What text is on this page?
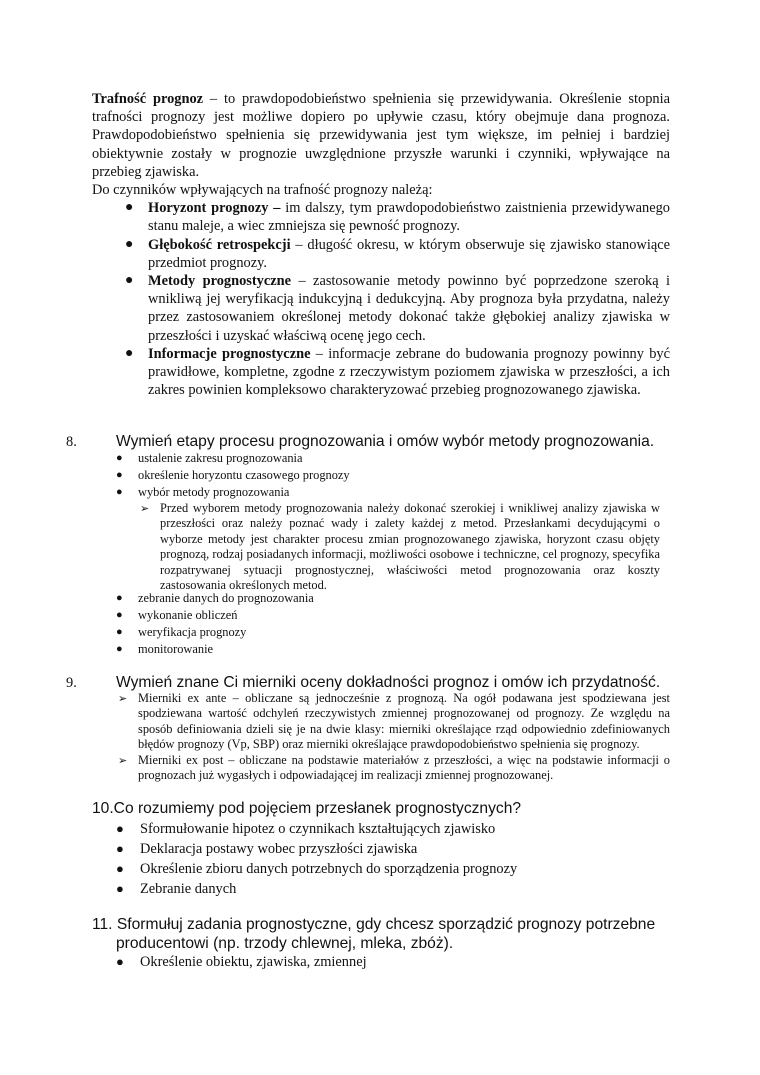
Trafność prognoz – to prawdopodobieństwo spełnienia się przewidywania. Określenie stopnia trafności prognozy jest możliwe dopiero po upływie czasu, który obejmuje dana prognoza. Prawdopodobieństwo spełnienia się przewidywania jest tym większe, im pełniej i bardziej obiektywnie zostały w prognozie uwzględnione przyszłe warunki i czynniki, wpływające na przebieg zjawiska.

Do czynników wpływających na trafność prognozy należą:

● Horyzont prognozy – im dalszy, tym prawdopodobieństwo zaistnienia przewidywanego stanu maleje, a wiec zmniejsza się pewność prognozy.
● Głębokość retrospekcji – długość okresu, w którym obserwuje się zjawisko stanowiące przedmiot prognozy.
● Metody prognostyczne – zastosowanie metody powinno być poprzedzone szeroką i wnikliwą jej weryfikacją indukcyjną i dedukcyjną. Aby prognoza była przydatna, należy przez zastosowaniem określonej metody dokonać także głębokiej analizy zjawiska w przeszłości i uzyskać właściwą ocenę jego cech.
● Informacje prognostyczne – informacje zebrane do budowania prognozy powinny być prawidłowe, kompletne, zgodne z rzeczywistym poziomem zjawiska w przeszłości, a ich zakres powinien kompleksowo charakteryzować przebieg prognozowanego zjawiska.
8.	Wymień etapy procesu prognozowania i omów wybór metody prognozowania.
● ustalenie zakresu prognozowania
● określenie horyzontu czasowego prognozy
● wybór metody prognozowania
➢ Przed wyborem metody prognozowania należy dokonać szerokiej i wnikliwej analizy zjawiska w przeszłości oraz należy poznać wady i zalety każdej z metod. Przesłankami decydującymi o wyborze metody jest charakter procesu zmian prognozowanego zjawiska, horyzont czasu objęty prognozą, rodzaj posiadanych informacji, możliwości osobowe i techniczne, cel prognozy, specyfika rozpatrywanej sytuacji prognostycznej, właściwości metod prognozowania oraz koszty zastosowania określonych metod.
● zebranie danych do prognozowania
● wykonanie obliczeń
● weryfikacja prognozy
● monitorowanie
9.	Wymień znane Ci mierniki oceny dokładności prognoz i omów ich przydatność.
➢ Mierniki ex ante – obliczane są jednocześnie z prognozą. Na ogół podawana jest spodziewana jest spodziewana wartość odchyleń rzeczywistych zmiennej prognozowanej od prognozy. Ze względu na sposób definiowania dzieli się je na dwie klasy: mierniki określające rząd odpowiednio zdefiniowanych błędów prognozy (Vp, SBP) oraz mierniki określające prawdopodobieństwo spełnienia się prognozy.
➢ Mierniki ex post – obliczane na podstawie materiałów z przeszłości, a więc na podstawie informacji o prognozach już wygasłych i odpowiadającej im realizacji zmiennej prognozowanej.
10.Co rozumiemy pod pojęciem przesłanek prognostycznych?
● Sformułowanie hipotez o czynnikach kształtujących zjawisko
● Deklaracja postawy wobec przyszłości zjawiska
● Określenie zbioru danych potrzebnych do sporządzenia prognozy
● Zebranie danych
11. Sformułuj zadania prognostyczne, gdy chcesz sporządzić prognozy potrzebne producentowi (np. trzody chlewnej, mleka, zbóż).
● Określenie obiektu, zjawiska, zmiennej
